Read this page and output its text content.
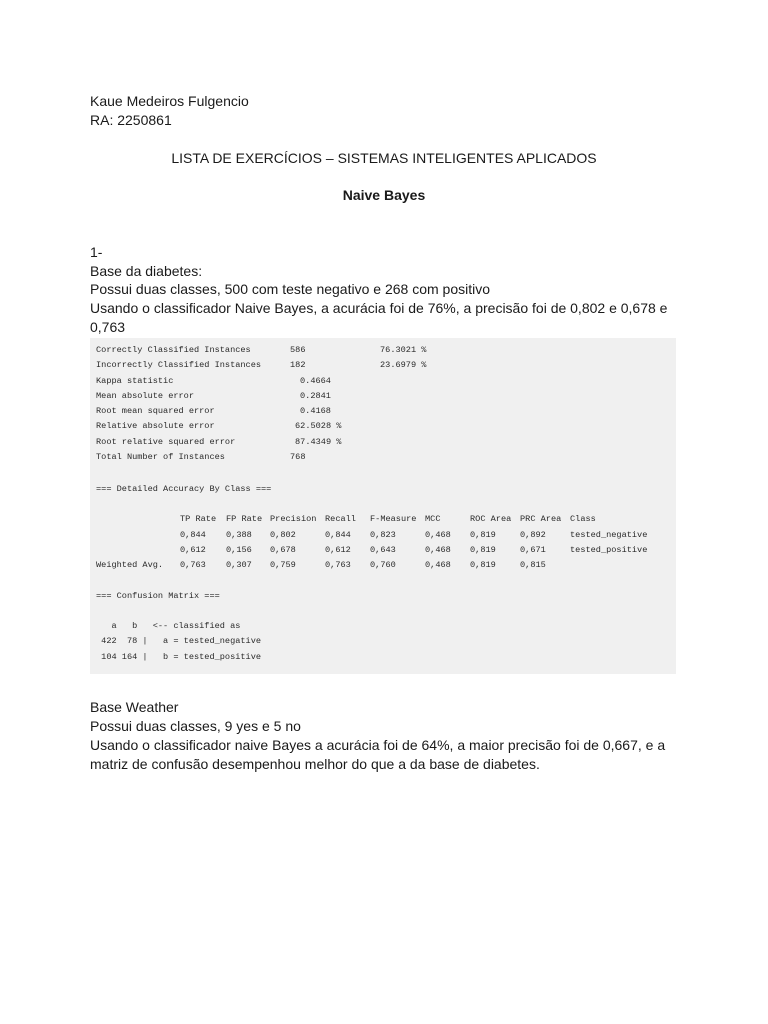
Kaue Medeiros Fulgencio
RA: 2250861
LISTA DE EXERCÍCIOS – SISTEMAS INTELIGENTES APLICADOS
Naive Bayes
1-
Base da diabetes:
Possui duas classes, 500 com teste negativo e 268 com positivo
Usando o classificador Naive Bayes, a acurácia foi de 76%, a precisão foi de 0,802 e 0,678 e
0,763
Correctly Classified Instances	586	76.3021 %
Incorrectly Classified Instances	182	23.6979 %
Kappa statistic	0.4664
Mean absolute error	0.2841
Root mean squared error	0.4168
Relative absolute error	62.5028 %
Root relative squared error	87.4349 %
Total Number of Instances	768
=== Detailed Accuracy By Class ===
TP Rate FP Rate Precision Recall F-Measure MCC	ROC Area PRC Area Class
0,844 0,388 0,802	0,844 0,823	0,468 0,819	0,892	tested_negative
0,612 0,156 0,678	0,612 0,643	0,468 0,819	0,671	tested_positive
Weighted Avg. 0,763 0,307 0,759	0,763 0,760	0,468 0,819	0,815
=== Confusion Matrix ===
a   b   <-- classified as
422  78 |   a = tested_negative
104 164 |   b = tested_positive
Base Weather
Possui duas classes, 9 yes e 5 no
Usando o classificador naive Bayes a acurácia foi de 64%, a maior precisão foi de 0,667, e a
matriz de confusão desempenhou melhor do que a da base de diabetes.
